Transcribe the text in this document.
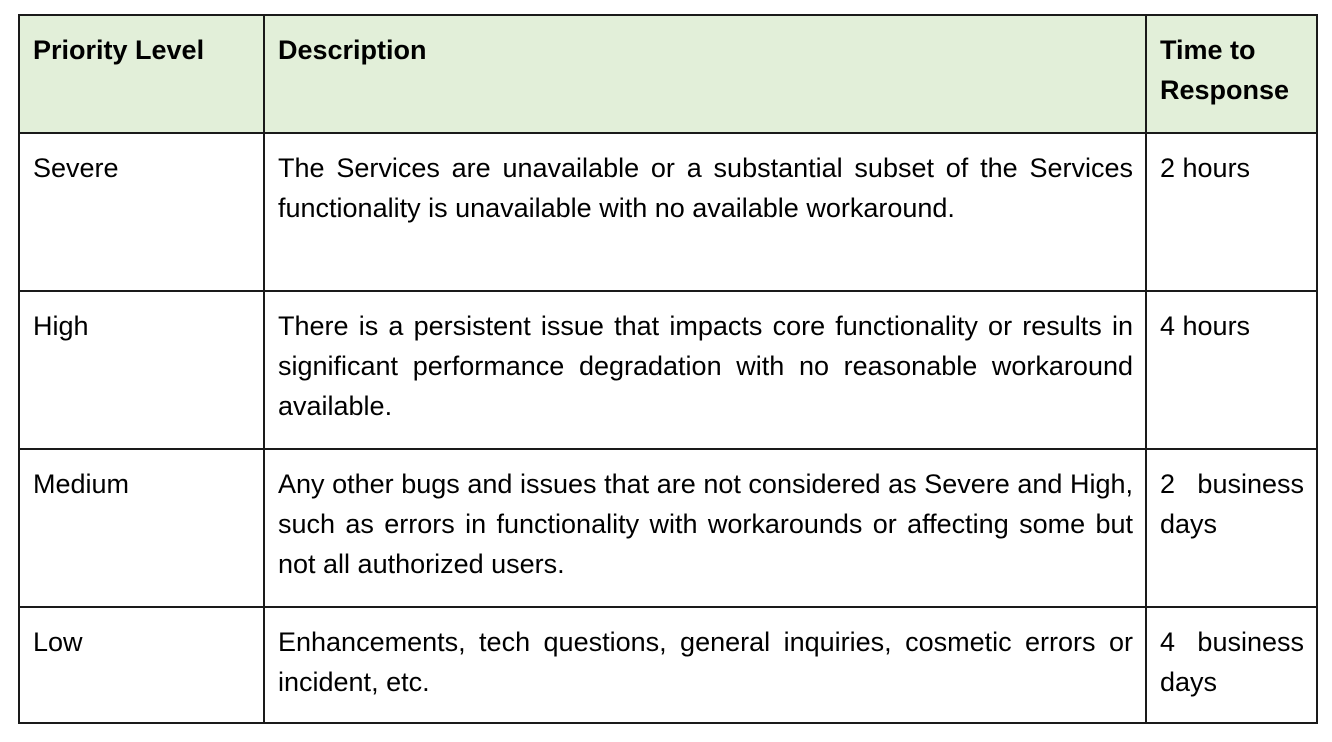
Priority Level	Description	Time to Response
Severe	The Services are unavailable or a substantial subset of the Services functionality is unavailable with no available workaround.	2 hours
High	There is a persistent issue that impacts core functionality or results in significant performance degradation with no reasonable workaround available.	4 hours
Medium	Any other bugs and issues that are not considered as Severe and High, such as errors in functionality with workarounds or affecting some but not all authorized users.	2 business days
Low	Enhancements, tech questions, general inquiries, cosmetic errors or incident, etc.	4 business days
